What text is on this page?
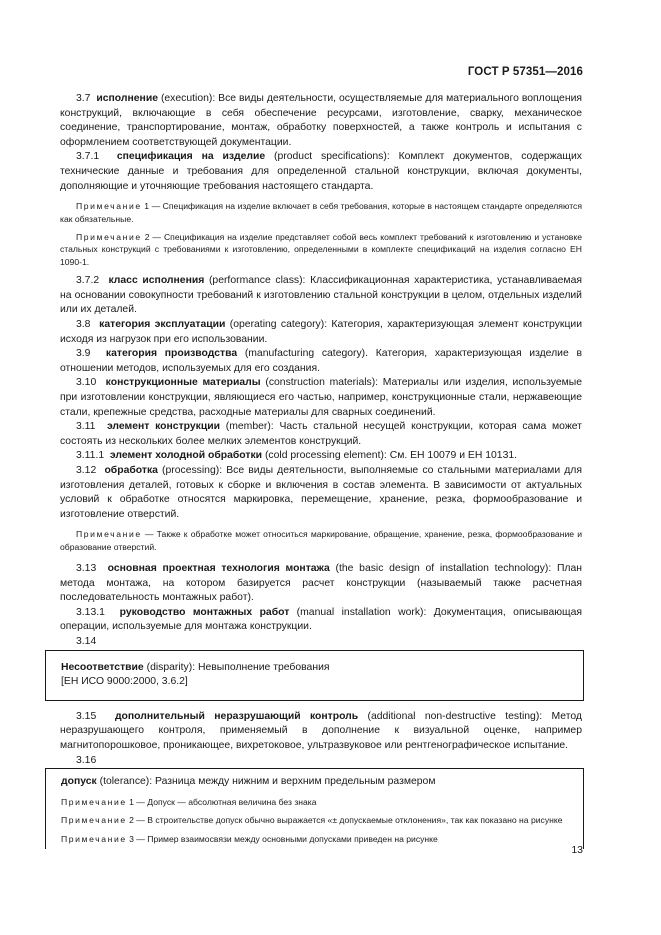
ГОСТ Р 57351—2016

3.7 исполнение (execution): Все виды деятельности, осуществляемые для материального воплощения конструкций, включающие в себя обеспечение ресурсами, изготовление, сварку, механическое соединение, транспортирование, монтаж, обработку поверхностей, а также контроль и испытания с оформлением соответствующей документации.

3.7.1 спецификация на изделие (product specifications): Комплект документов, содержащих технические данные и требования для определенной стальной конструкции, включая документы, дополняющие и уточняющие требования настоящего стандарта.

Примечание 1 — Спецификация на изделие включает в себя требования, которые в настоящем стандарте определяются как обязательные.

Примечание 2 — Спецификация на изделие представляет собой весь комплект требований к изготовлению и установке стальных конструкций с требованиями к изготовлению, определенными в комплекте спецификаций на изделия согласно ЕН 1090-1.

3.7.2 класс исполнения (performance class): Классификационная характеристика, устанавливаемая на основании совокупности требований к изготовлению стальной конструкции в целом, отдельных изделий или их деталей.

3.8 категория эксплуатации (operating category): Категория, характеризующая элемент конструкции исходя из нагрузок при его использовании.

3.9 категория производства (manufacturing category). Категория, характеризующая изделие в отношении методов, используемых для его создания.

3.10 конструкционные материалы (construction materials): Материалы или изделия, используемые при изготовлении конструкции, являющиеся его частью, например, конструкционные стали, нержавеющие стали, крепежные средства, расходные материалы для сварных соединений.

3.11 элемент конструкции (member): Часть стальной несущей конструкции, которая сама может состоять из нескольких более мелких элементов конструкций.

3.11.1 элемент холодной обработки (cold processing element): См. ЕН 10079 и ЕН 10131.

3.12 обработка (processing): Все виды деятельности, выполняемые со стальными материалами для изготовления деталей, готовых к сборке и включения в состав элемента. В зависимости от актуальных условий к обработке относятся маркировка, перемещение, хранение, резка, формообразование и изготовление отверстий.

Примечание — Также к обработке может относиться маркирование, обращение, хранение, резка, формообразование и образование отверстий.

3.13 основная проектная технология монтажа (the basic design of installation technology): План метода монтажа, на котором базируется расчет конструкции (называемый также расчетная последовательность монтажных работ).

3.13.1 руководство монтажных работ (manual installation work): Документация, описывающая операции, используемые для монтажа конструкции.

3.14

Несоответствие (disparity): Невыполнение требования

[ЕН ИСО 9000:2000, 3.6.2]

3.15 дополнительный неразрушающий контроль (additional non-destructive testing): Метод неразрушающего контроля, применяемый в дополнение к визуальной оценке, например магнитопорошковое, проникающее, вихретоковое, ультразвуковое или рентгенографическое испытание.

3.16

допуск (tolerance): Разница между нижним и верхним предельным размером

Примечание 1 — Допуск — абсолютная величина без знака

Примечание 2 — В строительстве допуск обычно выражается «± допускаемые отклонения», так как показано на рисунке

Примечание 3 — Пример взаимосвязи между основными допусками приведен на рисунке

13
